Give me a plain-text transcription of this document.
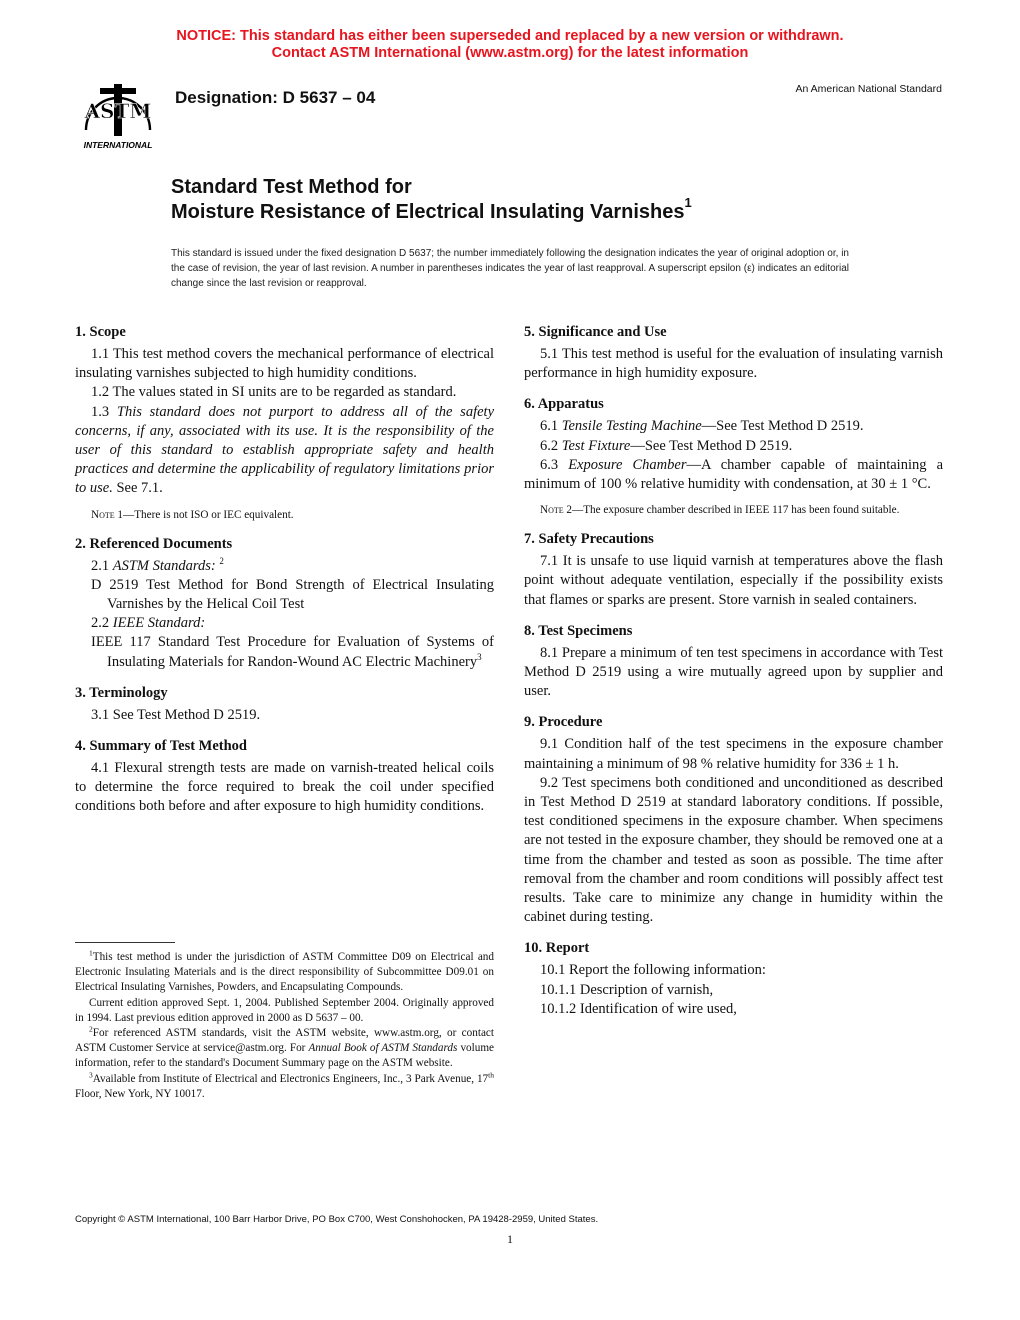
NOTICE: This standard has either been superseded and replaced by a new version or withdrawn.
Contact ASTM International (www.astm.org) for the latest information
ASTM
INTERNATIONAL
Designation: D 5637 – 04	An American National Standard
Standard Test Method for
Moisture Resistance of Electrical Insulating Varnishes$^1$
This standard is issued under the fixed designation D 5637; the number immediately following the designation indicates the year of original adoption or, in the case of revision, the year of last revision. A number in parentheses indicates the year of last reapproval. A superscript epsilon (ε) indicates an editorial change since the last revision or reapproval.
1. Scope

1.1 This test method covers the mechanical performance of electrical insulating varnishes subjected to high humidity conditions.

1.2 The values stated in SI units are to be regarded as standard.

1.3 This standard does not purport to address all of the safety concerns, if any, associated with its use. It is the responsibility of the user of this standard to establish appropriate safety and health practices and determine the applicability of regulatory limitations prior to use. See 7.1.

Note 1—There is not ISO or IEC equivalent.

2. Referenced Documents

2.1 ASTM Standards: $^2$

D 2519 Test Method for Bond Strength of Electrical Insulating Varnishes by the Helical Coil Test

2.2 IEEE Standard:

IEEE 117 Standard Test Procedure for Evaluation of Systems of Insulating Materials for Randon-Wound AC Electric Machinery$^3$

3. Terminology

3.1 See Test Method D 2519.

4. Summary of Test Method

4.1 Flexural strength tests are made on varnish-treated helical coils to determine the force required to break the coil under specified conditions both before and after exposure to high humidity conditions.

5. Significance and Use

5.1 This test method is useful for the evaluation of insulating varnish performance in high humidity exposure.

6. Apparatus

6.1 Tensile Testing Machine—See Test Method D 2519.

6.2 Test Fixture—See Test Method D 2519.

6.3 Exposure Chamber—A chamber capable of maintaining a minimum of 100 % relative humidity with condensation, at 30 ± 1 °C.

Note 2—The exposure chamber described in IEEE 117 has been found suitable.

7. Safety Precautions

7.1 It is unsafe to use liquid varnish at temperatures above the flash point without adequate ventilation, especially if the possibility exists that flames or sparks are present. Store varnish in sealed containers.

8. Test Specimens

8.1 Prepare a minimum of ten test specimens in accordance with Test Method D 2519 using a wire mutually agreed upon by supplier and user.

9. Procedure

9.1 Condition half of the test specimens in the exposure chamber maintaining a minimum of 98 % relative humidity for 336 ± 1 h.

9.2 Test specimens both conditioned and unconditioned as described in Test Method D 2519 at standard laboratory conditions. If possible, test conditioned specimens in the exposure chamber. When specimens are not tested in the exposure chamber, they should be removed one at a time from the chamber and tested as soon as possible. The time after removal from the chamber and room conditions will possibly affect test results. Take care to minimize any change in humidity within the cabinet during testing.

10. Report

10.1 Report the following information:

10.1.1 Description of varnish,

10.1.2 Identification of wire used,

$^1$This test method is under the jurisdiction of ASTM Committee D09 on Electrical and Electronic Insulating Materials and is the direct responsibility of Subcommittee D09.01 on Electrical Insulating Varnishes, Powders, and Encapsulating Compounds.

Current edition approved Sept. 1, 2004. Published September 2004. Originally approved in 1994. Last previous edition approved in 2000 as D 5637 – 00.

$^2$For referenced ASTM standards, visit the ASTM website, www.astm.org, or contact ASTM Customer Service at service@astm.org. For Annual Book of ASTM Standards volume information, refer to the standard's Document Summary page on the ASTM website.

$^3$Available from Institute of Electrical and Electronics Engineers, Inc., 3 Park Avenue, 17th Floor, New York, NY 10017.

Copyright © ASTM International, 100 Barr Harbor Drive, PO Box C700, West Conshohocken, PA 19428-2959, United States.
1
